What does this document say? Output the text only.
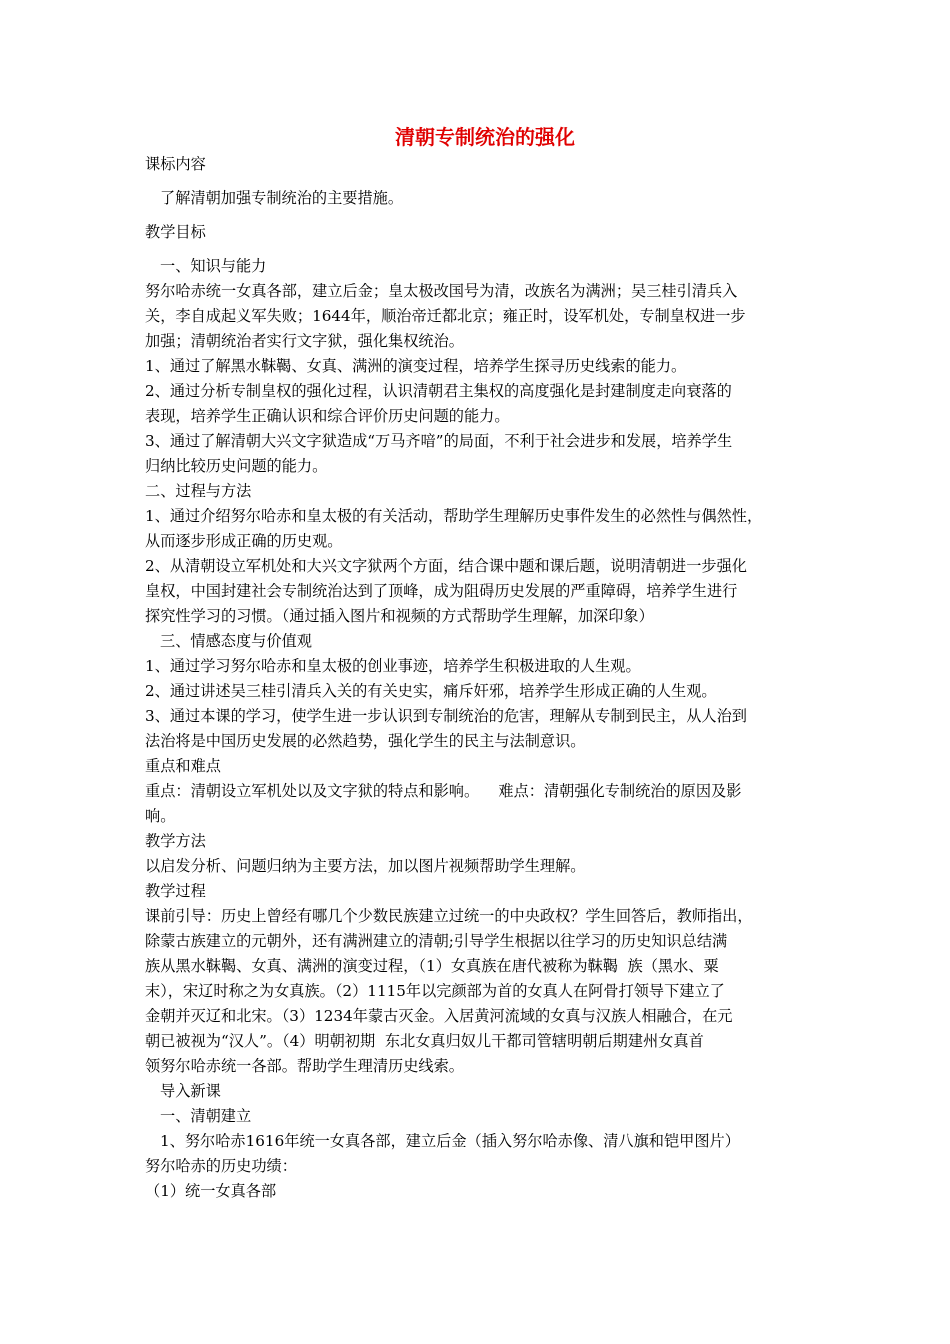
清朝专制统治的强化
课标内容
了解清朝加强专制统治的主要措施。
教学目标
一、知识与能力
努尔哈赤统一女真各部，建立后金；皇太极改国号为清，改族名为满洲；吴三桂引清兵入
关，李自成起义军失败；1644年，顺治帝迁都北京；雍正时，设军机处，专制皇权进一步
加强；清朝统治者实行文字狱，强化集权统治。
1、通过了解黑水靺鞨、女真、满洲的演变过程，培养学生探寻历史线索的能力。
2、通过分析专制皇权的强化过程，认识清朝君主集权的高度强化是封建制度走向衰落的
表现，培养学生正确认识和综合评价历史问题的能力。
3、通过了解清朝大兴文字狱造成“万马齐喑”的局面，不利于社会进步和发展，培养学生
归纳比较历史问题的能力。
二、过程与方法
1、通过介绍努尔哈赤和皇太极的有关活动，帮助学生理解历史事件发生的必然性与偶然性，
从而逐步形成正确的历史观。
2、从清朝设立军机处和大兴文字狱两个方面，结合课中题和课后题，说明清朝进一步强化
皇权，中国封建社会专制统治达到了顶峰，成为阻碍历史发展的严重障碍，培养学生进行
探究性学习的习惯。（通过插入图片和视频的方式帮助学生理解，加深印象）
三、情感态度与价值观
1、通过学习努尔哈赤和皇太极的创业事迹，培养学生积极进取的人生观。
2、通过讲述吴三桂引清兵入关的有关史实，痛斥奸邪，培养学生形成正确的人生观。
3、通过本课的学习，使学生进一步认识到专制统治的危害，理解从专制到民主，从人治到
法治将是中国历史发展的必然趋势，强化学生的民主与法制意识。
重点和难点
重点：清朝设立军机处以及文字狱的特点和影响。    难点：清朝强化专制统治的原因及影
响。
教学方法
以启发分析、问题归纳为主要方法，加以图片视频帮助学生理解。
教学过程
课前引导：历史上曾经有哪几个少数民族建立过统一的中央政权？学生回答后，教师指出，
除蒙古族建立的元朝外，还有满洲建立的清朝;引导学生根据以往学习的历史知识总结满
族从黑水靺鞨、女真、满洲的演变过程，（1）女真族在唐代被称为靺鞨  族（黑水、粟
末），宋辽时称之为女真族。（2）1115年以完颜部为首的女真人在阿骨打领导下建立了
金朝并灭辽和北宋。（3）1234年蒙古灭金。入居黄河流域的女真与汉族人相融合，在元
朝已被视为“汉人”。（4）明朝初期  东北女真归奴儿干都司管辖明朝后期建州女真首
领努尔哈赤统一各部。帮助学生理清历史线索。
导入新课
一、清朝建立
1、努尔哈赤1616年统一女真各部，建立后金（插入努尔哈赤像、清八旗和铠甲图片）
努尔哈赤的历史功绩：
（1）统一女真各部
